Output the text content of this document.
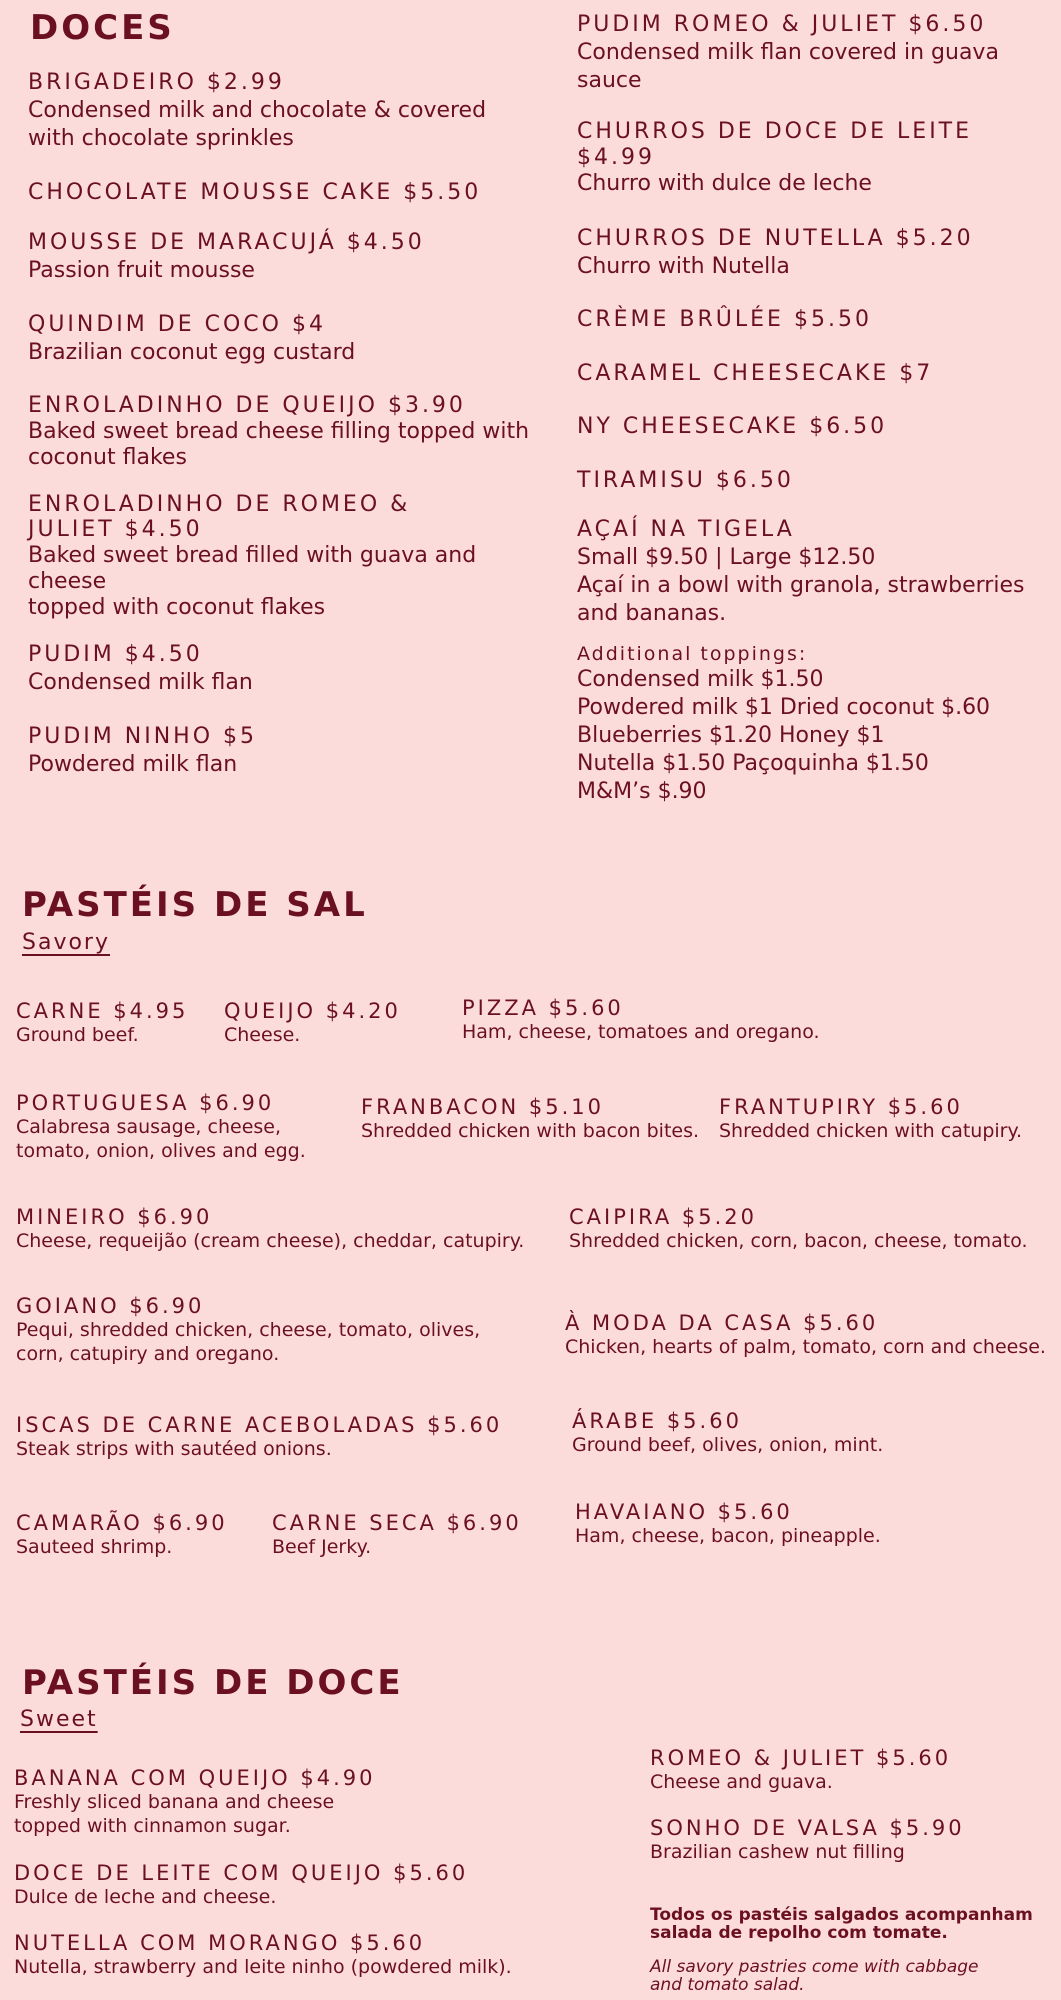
DOCES
BRIGADEIRO $2.99
Condensed milk and chocolate & covered
with chocolate sprinkles
CHOCOLATE MOUSSE CAKE $5.50
MOUSSE DE MARACUJÁ $4.50
Passion fruit mousse
QUINDIM DE COCO $4
Brazilian coconut egg custard
ENROLADINHO DE QUEIJO $3.90
Baked sweet bread cheese filling topped with
coconut flakes
ENROLADINHO DE ROMEO &
JULIET $4.50
Baked sweet bread filled with guava and
cheese
topped with coconut flakes
PUDIM $4.50
Condensed milk flan
PUDIM NINHO $5
Powdered milk flan
PUDIM ROMEO & JULIET $6.50
Condensed milk flan covered in guava
sauce
CHURROS DE DOCE DE LEITE
$4.99
Churro with dulce de leche
CHURROS DE NUTELLA $5.20
Churro with Nutella
CRÈME BRÛLÉE $5.50
CARAMEL CHEESECAKE $7
NY CHEESECAKE $6.50
TIRAMISU $6.50
AÇAÍ NA TIGELA
Small $9.50 | Large $12.50
Açaí in a bowl with granola, strawberries
and bananas.
Additional toppings:
Condensed milk $1.50
Powdered milk $1 Dried coconut $.60
Blueberries $1.20 Honey $1
Nutella $1.50 Paçoquinha $1.50
M&M’s $.90
PASTÉIS DE SAL
Savory
CARNE $4.95
Ground beef.
QUEIJO $4.20
Cheese.
PIZZA $5.60
Ham, cheese, tomatoes and oregano.
PORTUGUESA $6.90
Calabresa sausage, cheese,
tomato, onion, olives and egg.
FRANBACON $5.10
Shredded chicken with bacon bites.
FRANTUPIRY $5.60
Shredded chicken with catupiry.
MINEIRO $6.90
Cheese, requeijão (cream cheese), cheddar, catupiry.
CAIPIRA $5.20
Shredded chicken, corn, bacon, cheese, tomato.
GOIANO $6.90
Pequi, shredded chicken, cheese, tomato, olives,
corn, catupiry and oregano.
À MODA DA CASA $5.60
Chicken, hearts of palm, tomato, corn and cheese.
ISCAS DE CARNE ACEBOLADAS $5.60
Steak strips with sautéed onions.
ÁRABE $5.60
Ground beef, olives, onion, mint.
CAMARÃO $6.90
Sauteed shrimp.
CARNE SECA $6.90
Beef Jerky.
HAVAIANO $5.60
Ham, cheese, bacon, pineapple.
PASTÉIS DE DOCE
Sweet
BANANA COM QUEIJO $4.90
Freshly sliced banana and cheese
topped with cinnamon sugar.
DOCE DE LEITE COM QUEIJO $5.60
Dulce de leche and cheese.
NUTELLA COM MORANGO $5.60
Nutella, strawberry and leite ninho (powdered milk).
ROMEO & JULIET $5.60
Cheese and guava.
SONHO DE VALSA $5.90
Brazilian cashew nut filling
Todos os pastéis salgados acompanham
salada de repolho com tomate.
All savory pastries come with cabbage
and tomato salad.
